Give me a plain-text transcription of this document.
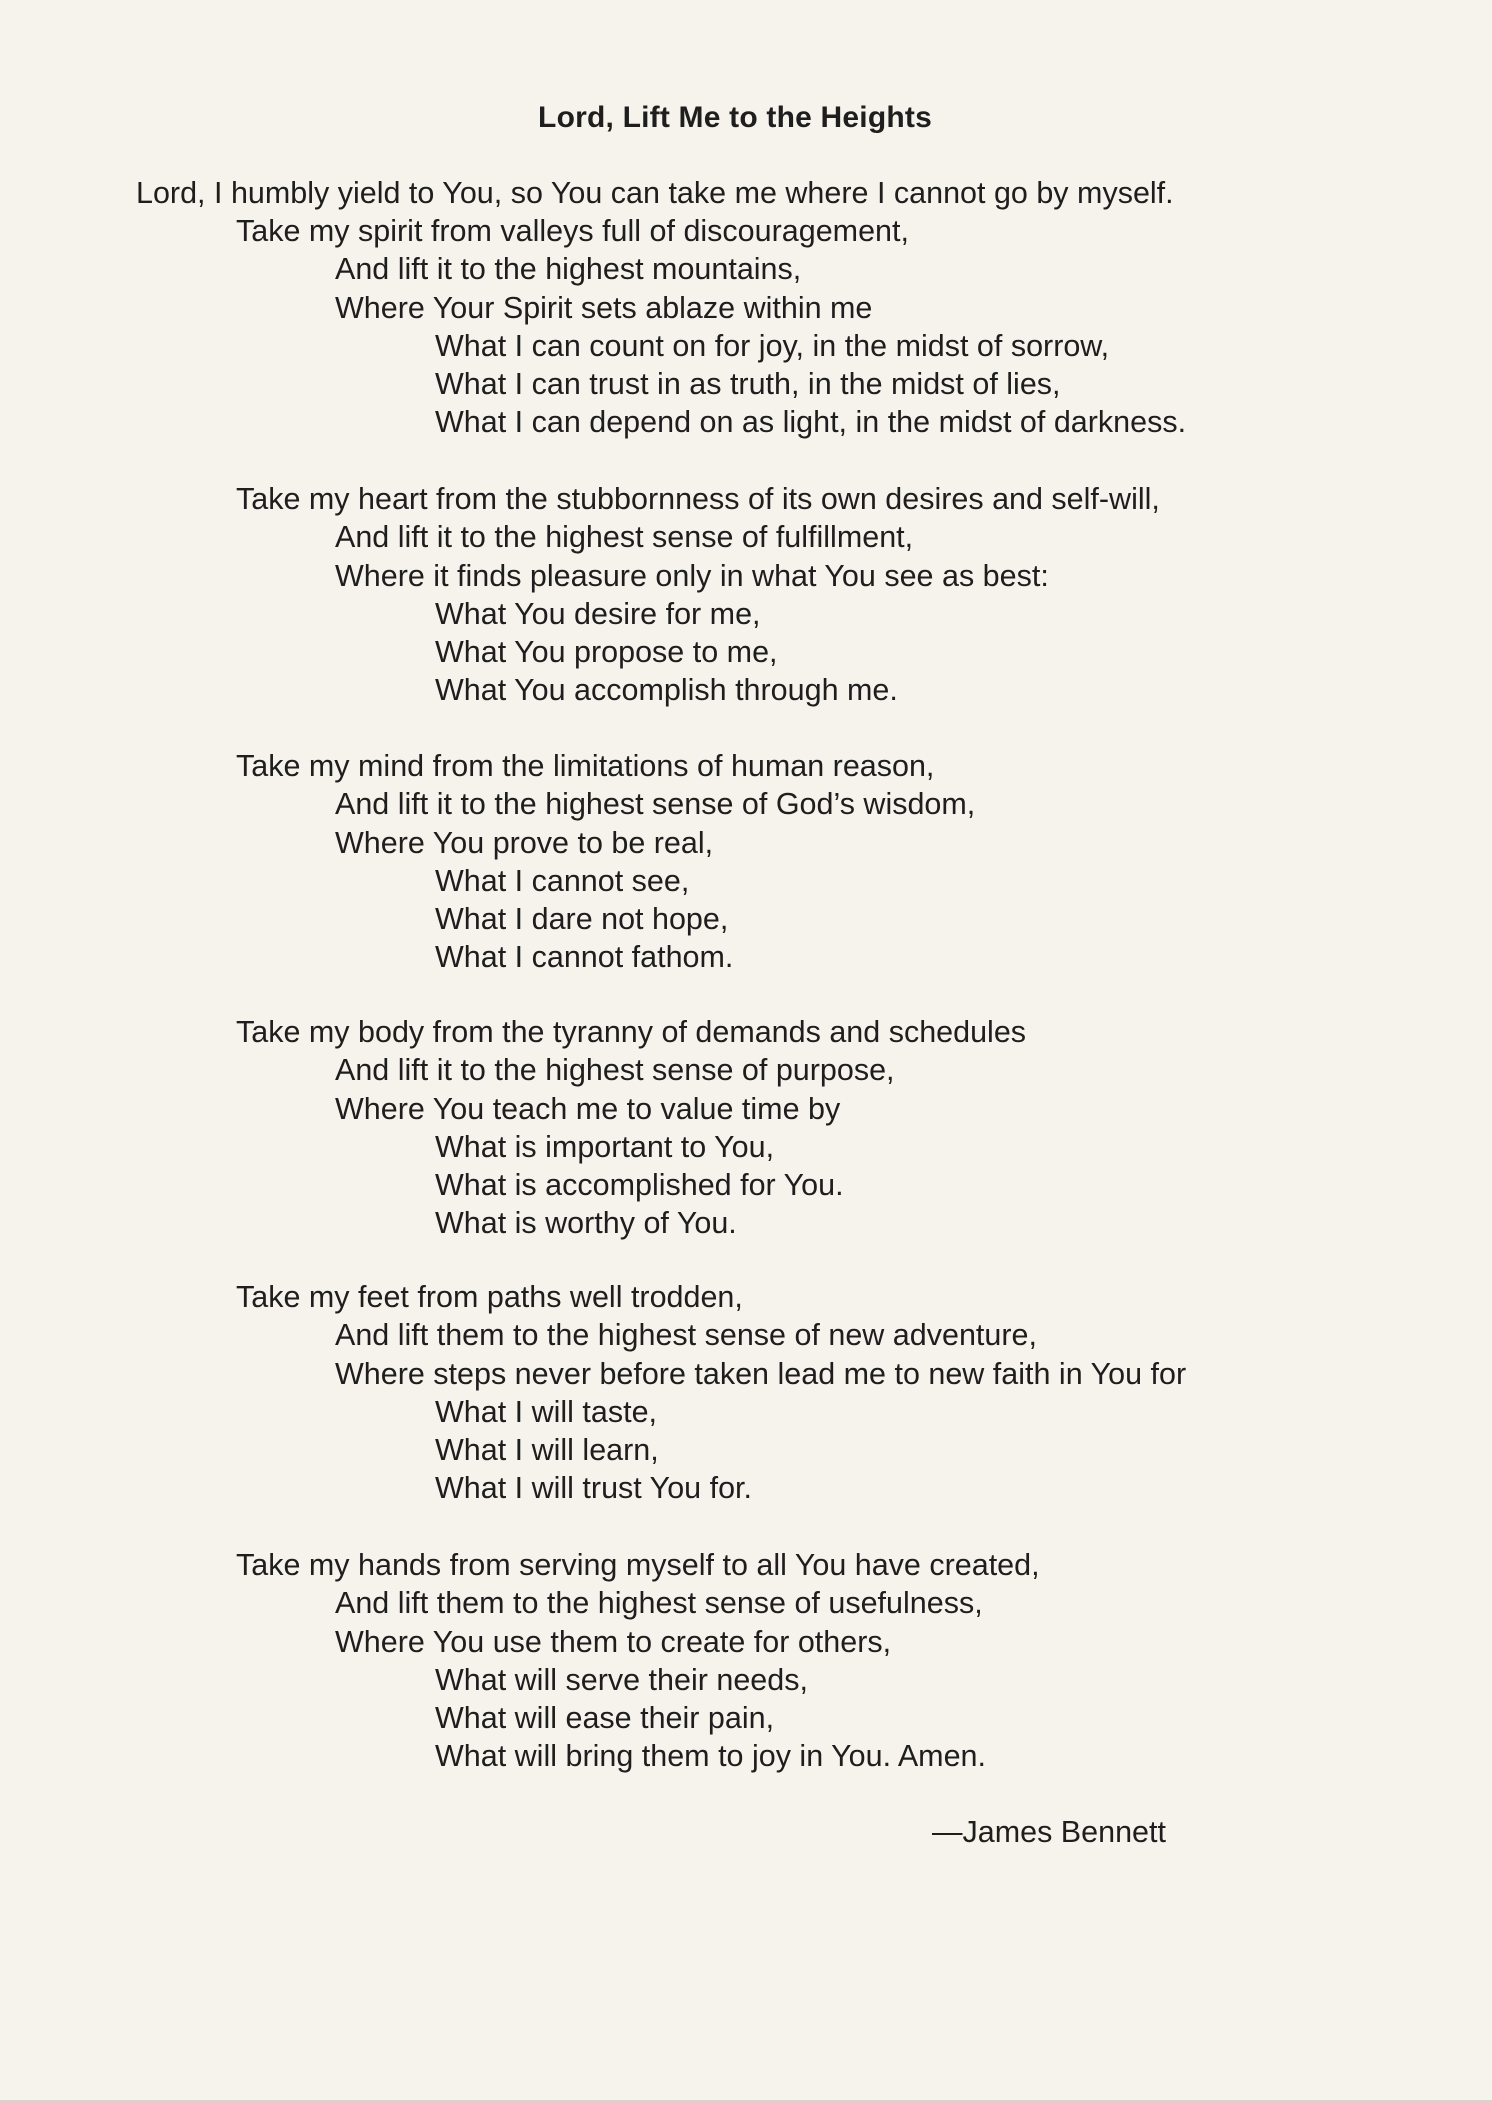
Lord, Lift Me to the Heights
Lord, I humbly yield to You, so You can take me where I cannot go by myself.
Take my spirit from valleys full of discouragement,
And lift it to the highest mountains,
Where Your Spirit sets ablaze within me
What I can count on for joy, in the midst of sorrow,
What I can trust in as truth, in the midst of lies,
What I can depend on as light, in the midst of darkness.
Take my heart from the stubbornness of its own desires and self-will,
And lift it to the highest sense of fulfillment,
Where it finds pleasure only in what You see as best:
What You desire for me,
What You propose to me,
What You accomplish through me.
Take my mind from the limitations of human reason,
And lift it to the highest sense of God’s wisdom,
Where You prove to be real,
What I cannot see,
What I dare not hope,
What I cannot fathom.
Take my body from the tyranny of demands and schedules
And lift it to the highest sense of purpose,
Where You teach me to value time by
What is important to You,
What is accomplished for You.
What is worthy of You.
Take my feet from paths well trodden,
And lift them to the highest sense of new adventure,
Where steps never before taken lead me to new faith in You for
What I will taste,
What I will learn,
What I will trust You for.
Take my hands from serving myself to all You have created,
And lift them to the highest sense of usefulness,
Where You use them to create for others,
What will serve their needs,
What will ease their pain,
What will bring them to joy in You. Amen.
—James Bennett
